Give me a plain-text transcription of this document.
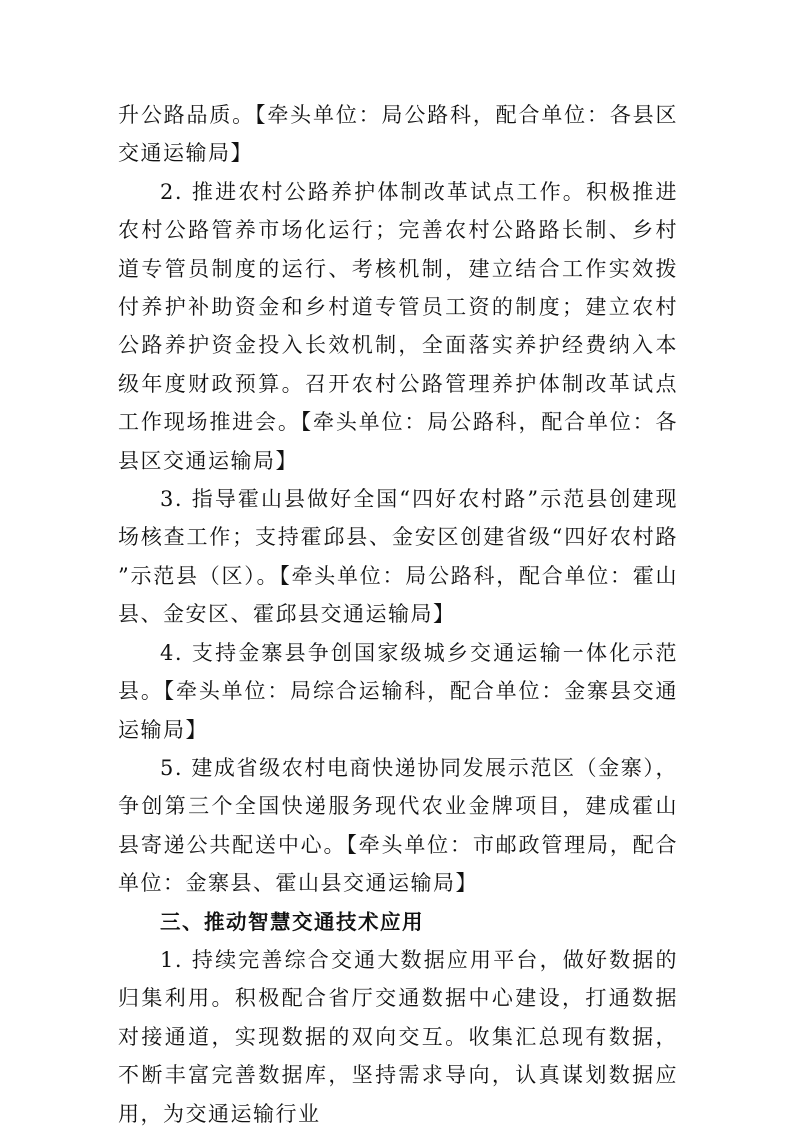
升公路品质。【牵头单位：局公路科，配合单位：各县区交通运输局】

2. 推进农村公路养护体制改革试点工作。积极推进农村公路管养市场化运行；完善农村公路路长制、乡村道专管员制度的运行、考核机制，建立结合工作实效拨付养护补助资金和乡村道专管员工资的制度；建立农村公路养护资金投入长效机制，全面落实养护经费纳入本级年度财政预算。召开农村公路管理养护体制改革试点工作现场推进会。【牵头单位：局公路科，配合单位：各县区交通运输局】

3. 指导霍山县做好全国“四好农村路”示范县创建现场核查工作；支持霍邱县、金安区创建省级“四好农村路”示范县（区）。【牵头单位：局公路科，配合单位：霍山县、金安区、霍邱县交通运输局】

4. 支持金寨县争创国家级城乡交通运输一体化示范县。【牵头单位：局综合运输科，配合单位：金寨县交通运输局】

5. 建成省级农村电商快递协同发展示范区（金寨），争创第三个全国快递服务现代农业金牌项目，建成霍山县寄递公共配送中心。【牵头单位：市邮政管理局，配合单位：金寨县、霍山县交通运输局】

三、推动智慧交通技术应用

1. 持续完善综合交通大数据应用平台，做好数据的归集利用。积极配合省厅交通数据中心建设，打通数据对接通道，实现数据的双向交互。收集汇总现有数据，不断丰富完善数据库，坚持需求导向，认真谋划数据应用，为交通运输行业
